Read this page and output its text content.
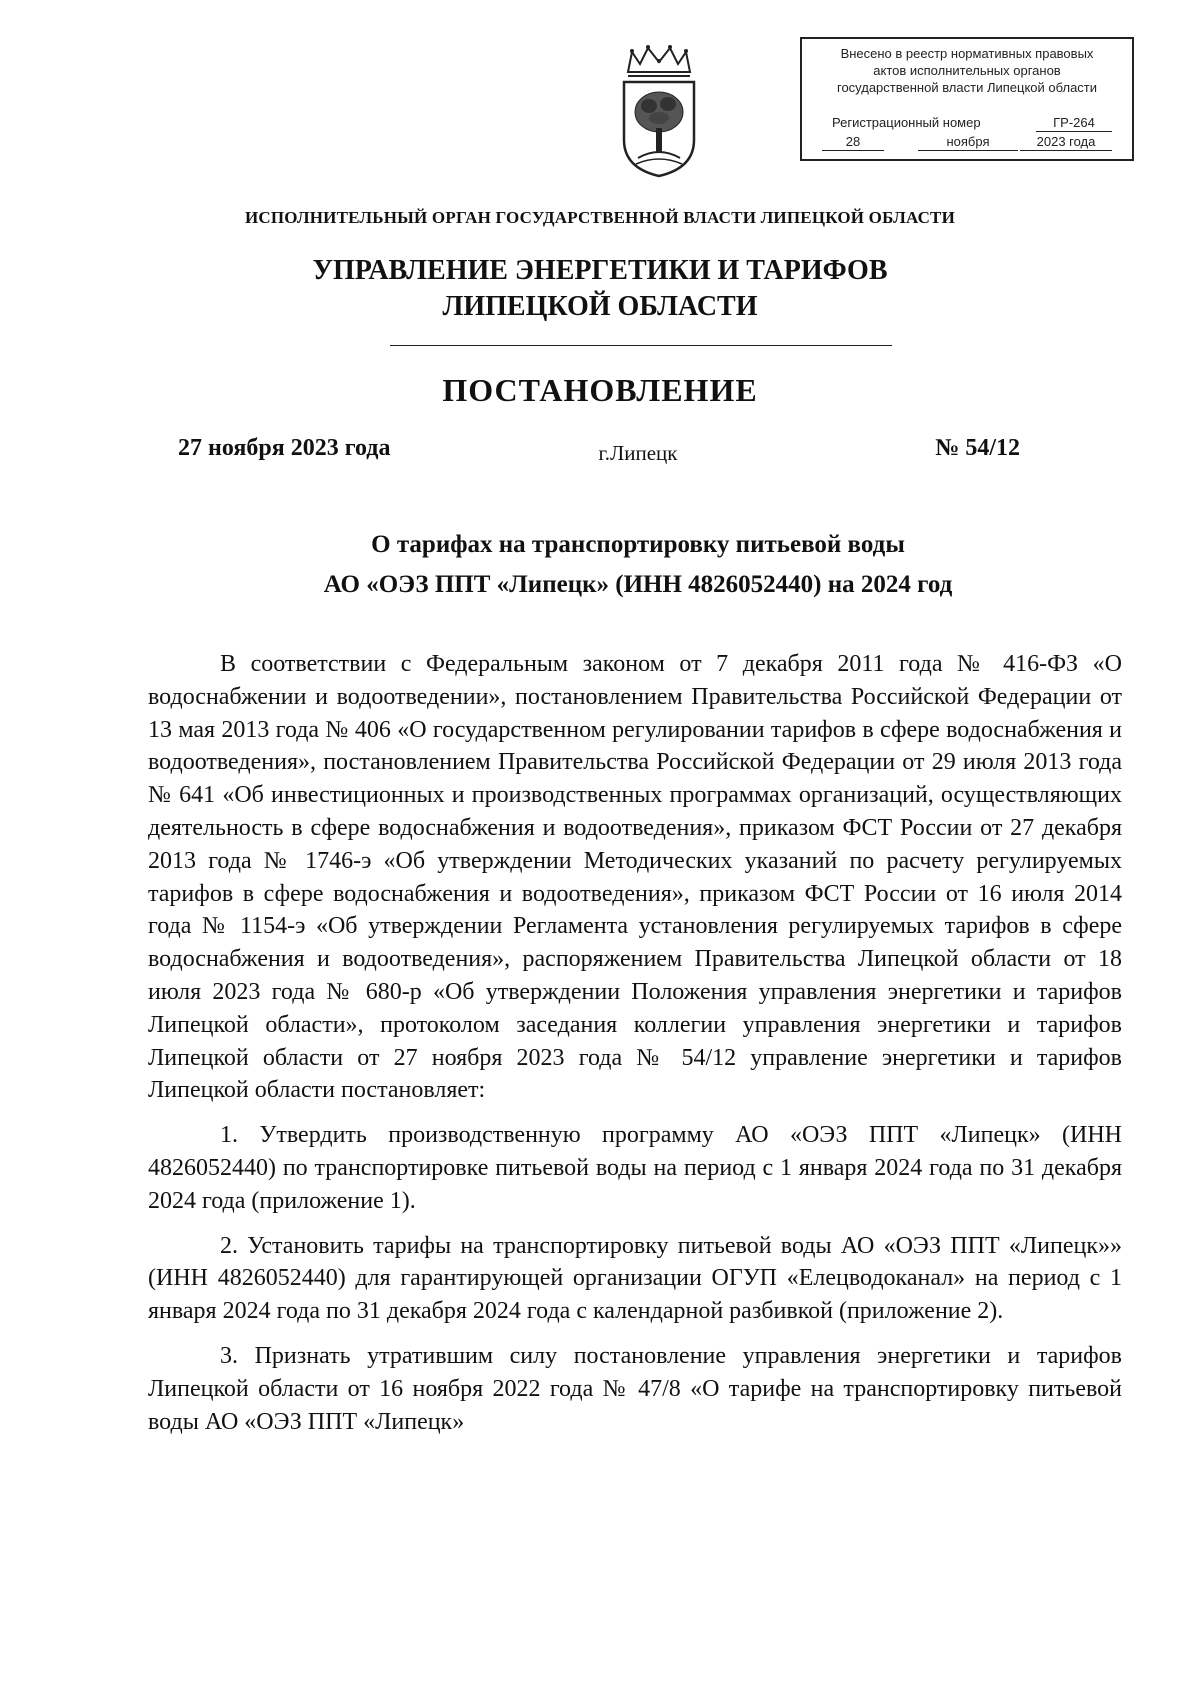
Внесено в реестр нормативных правовых
актов исполнительных органов
государственной власти Липецкой области
Регистрационный номер	ГР-264
28	ноября	2023 года
ИСПОЛНИТЕЛЬНЫЙ ОРГАН ГОСУДАРСТВЕННОЙ ВЛАСТИ ЛИПЕЦКОЙ ОБЛАСТИ
УПРАВЛЕНИЕ ЭНЕРГЕТИКИ И ТАРИФОВ
ЛИПЕЦКОЙ ОБЛАСТИ
ПОСТАНОВЛЕНИЕ
27 ноября 2023 года	г.Липецк	№ 54/12
О тарифах на транспортировку питьевой воды
АО «ОЭЗ ППТ «Липецк» (ИНН 4826052440) на 2024 год

В соответствии с Федеральным законом от 7 декабря 2011 года № 416-ФЗ «О водоснабжении и водоотведении», постановлением Правительства Российской Федерации от 13 мая 2013 года № 406 «О государственном регулировании тарифов в сфере водоснабжения и водоотведения», постановлением Правительства Российской Федерации от 29 июля 2013 года № 641 «Об инвестиционных и производственных программах организаций, осуществляющих деятельность в сфере водоснабжения и водоотведения», приказом ФСТ России от 27 декабря 2013 года № 1746-э «Об утверждении Методических указаний по расчету регулируемых тарифов в сфере водоснабжения и водоотведения», приказом ФСТ России от 16 июля 2014 года № 1154-э «Об утверждении Регламента установления регулируемых тарифов в сфере водоснабжения и водоотведения», распоряжением Правительства Липецкой области от 18 июля 2023 года № 680-р «Об утверждении Положения управления энергетики и тарифов Липецкой области», протоколом заседания коллегии управления энергетики и тарифов Липецкой области от 27 ноября 2023 года № 54/12 управление энергетики и тарифов Липецкой области постановляет:

1. Утвердить производственную программу АО «ОЭЗ ППТ «Липецк» (ИНН 4826052440) по транспортировке питьевой воды на период с 1 января 2024 года по 31 декабря 2024 года (приложение 1).

2. Установить тарифы на транспортировку питьевой воды АО «ОЭЗ ППТ «Липецк»» (ИНН 4826052440) для гарантирующей организации ОГУП «Елецводоканал» на период с 1 января 2024 года по 31 декабря 2024 года с календарной разбивкой (приложение 2).

3. Признать утратившим силу постановление управления энергетики и тарифов Липецкой области от 16 ноября 2022 года № 47/8 «О тарифе на транспортировку питьевой воды АО «ОЭЗ ППТ «Липецк»
